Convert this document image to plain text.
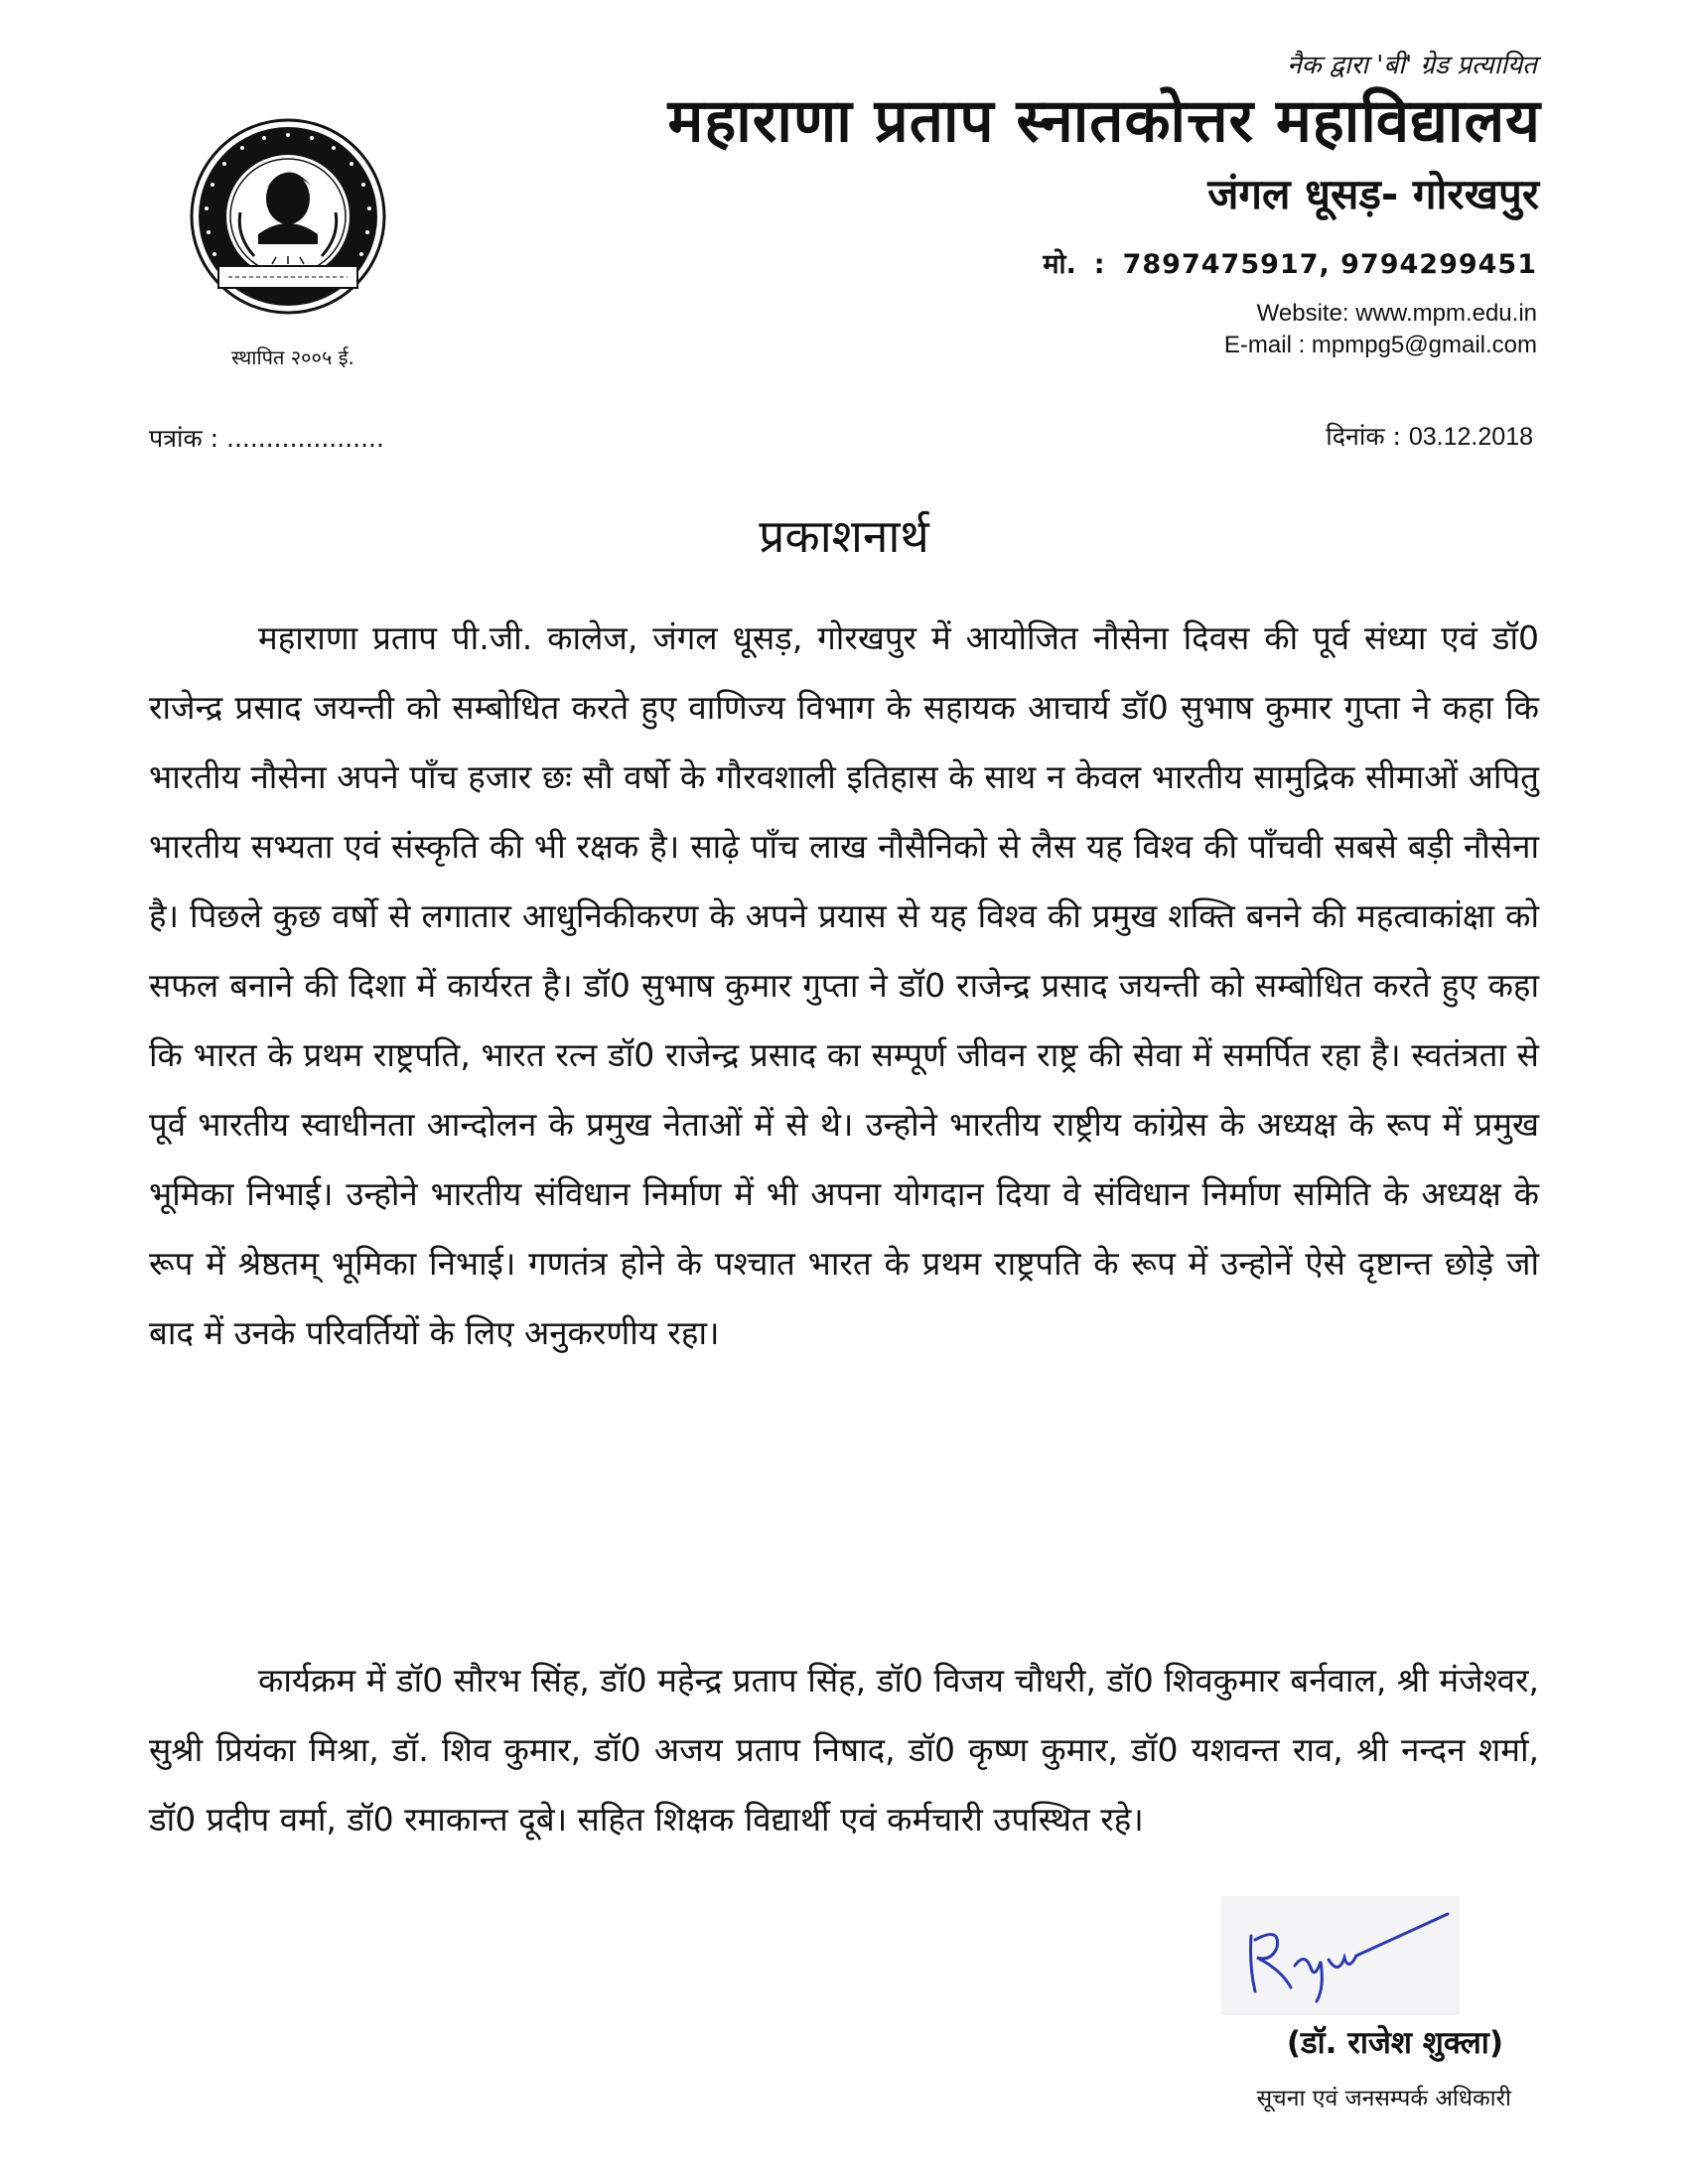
स्थापित २००५ ई.
नैक द्वारा 'बी' ग्रेड प्रत्यायित
महाराणा प्रताप स्नातकोत्तर महाविद्यालय
जंगल धूसड़- गोरखपुर
मो. : 7897475917, 9794299451
Website: www.mpm.edu.in
E-mail : mpmpg5@gmail.com
पत्रांक : ....................	दिनांक : 03.12.2018
प्रकाशनार्थ

महाराणा प्रताप पी.जी. कालेज, जंगल धूसड़, गोरखपुर में आयोजित नौसेना दिवस की पूर्व संध्या एवं डॉ0 राजेन्द्र प्रसाद जयन्ती को सम्बोधित करते हुए वाणिज्य विभाग के सहायक आचार्य डॉ0 सुभाष कुमार गुप्ता ने कहा कि भारतीय नौसेना अपने पाँच हजार छः सौ वर्षो के गौरवशाली इतिहास के साथ न केवल भारतीय सामुद्रिक सीमाओं अपितु भारतीय सभ्यता एवं संस्कृति की भी रक्षक है। साढ़े पाँच लाख नौसैनिको से लैस यह विश्व की पाँचवी सबसे बड़ी नौसेना है। पिछले कुछ वर्षो से लगातार आधुनिकीकरण के अपने प्रयास से यह विश्व की प्रमुख शक्ति बनने की महत्वाकांक्षा को सफल बनाने की दिशा में कार्यरत है। डॉ0 सुभाष कुमार गुप्ता ने डॉ0 राजेन्द्र प्रसाद जयन्ती को सम्बोधित करते हुए कहा कि भारत के प्रथम राष्ट्रपति, भारत रत्न डॉ0 राजेन्द्र प्रसाद का सम्पूर्ण जीवन राष्ट्र की सेवा में समर्पित रहा है। स्वतंत्रता से पूर्व भारतीय स्वाधीनता आन्दोलन के प्रमुख नेताओं में से थे। उन्होने भारतीय राष्ट्रीय कांग्रेस के अध्यक्ष के रूप में प्रमुख भूमिका निभाई। उन्होने भारतीय संविधान निर्माण में भी अपना योगदान दिया वे संविधान निर्माण समिति के अध्यक्ष के रूप में श्रेष्ठतम् भूमिका निभाई। गणतंत्र होने के पश्चात भारत के प्रथम राष्ट्रपति के रूप में उन्होनें ऐसे दृष्टान्त छोड़े जो बाद में उनके परिवर्तियों के लिए अनुकरणीय रहा।

कार्यक्रम में डॉ0 सौरभ सिंह, डॉ0 महेन्द्र प्रताप सिंह, डॉ0 विजय चौधरी, डॉ0 शिवकुमार बर्नवाल, श्री मंजेश्वर, सुश्री प्रियंका मिश्रा, डॉ. शिव कुमार, डॉ0 अजय प्रताप निषाद, डॉ0 कृष्ण कुमार, डॉ0 यशवन्त राव, श्री नन्दन शर्मा, डॉ0 प्रदीप वर्मा, डॉ0 रमाकान्त दूबे। सहित शिक्षक विद्यार्थी एवं कर्मचारी उपस्थित रहे।

(डॉ. राजेश शुक्ला)
सूचना एवं जनसम्पर्क अधिकारी
